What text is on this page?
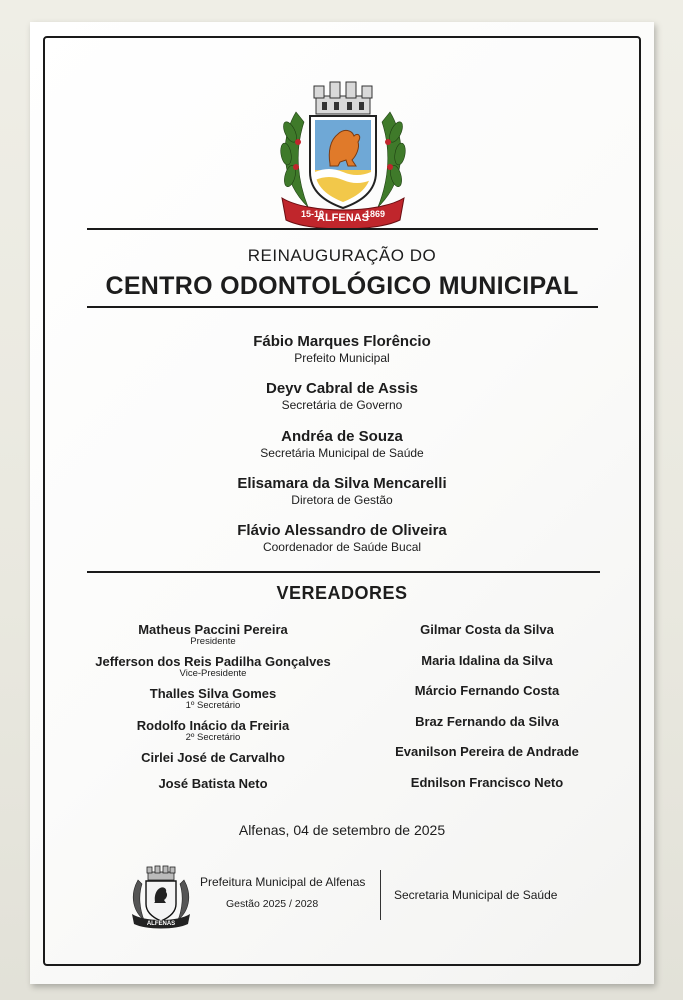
15-10
ALFENAS
1869
REINAUGURAÇÃO DO
CENTRO ODONTOLÓGICO MUNICIPAL
Fábio Marques Florêncio
Prefeito Municipal
Deyv Cabral de Assis
Secretária de Governo
Andréa de Souza
Secretária Municipal de Saúde
Elisamara da Silva Mencarelli
Diretora de Gestão
Flávio Alessandro de Oliveira
Coordenador de Saúde Bucal
VEREADORES
Matheus Paccini Pereira
Presidente
Jefferson dos Reis Padilha Gonçalves
Vice-Presidente
Thalles Silva Gomes
1º Secretário
Rodolfo Inácio da Freiria
2º Secretário
Cirlei José de Carvalho
José Batista Neto
Gilmar Costa da Silva
Maria Idalina da Silva
Márcio Fernando Costa
Braz Fernando da Silva
Evanilson Pereira de Andrade
Ednilson Francisco Neto
Alfenas, 04 de setembro de 2025
ALFENAS
Prefeitura Municipal de Alfenas
Gestão 2025 / 2028
Secretaria Municipal de Saúde
